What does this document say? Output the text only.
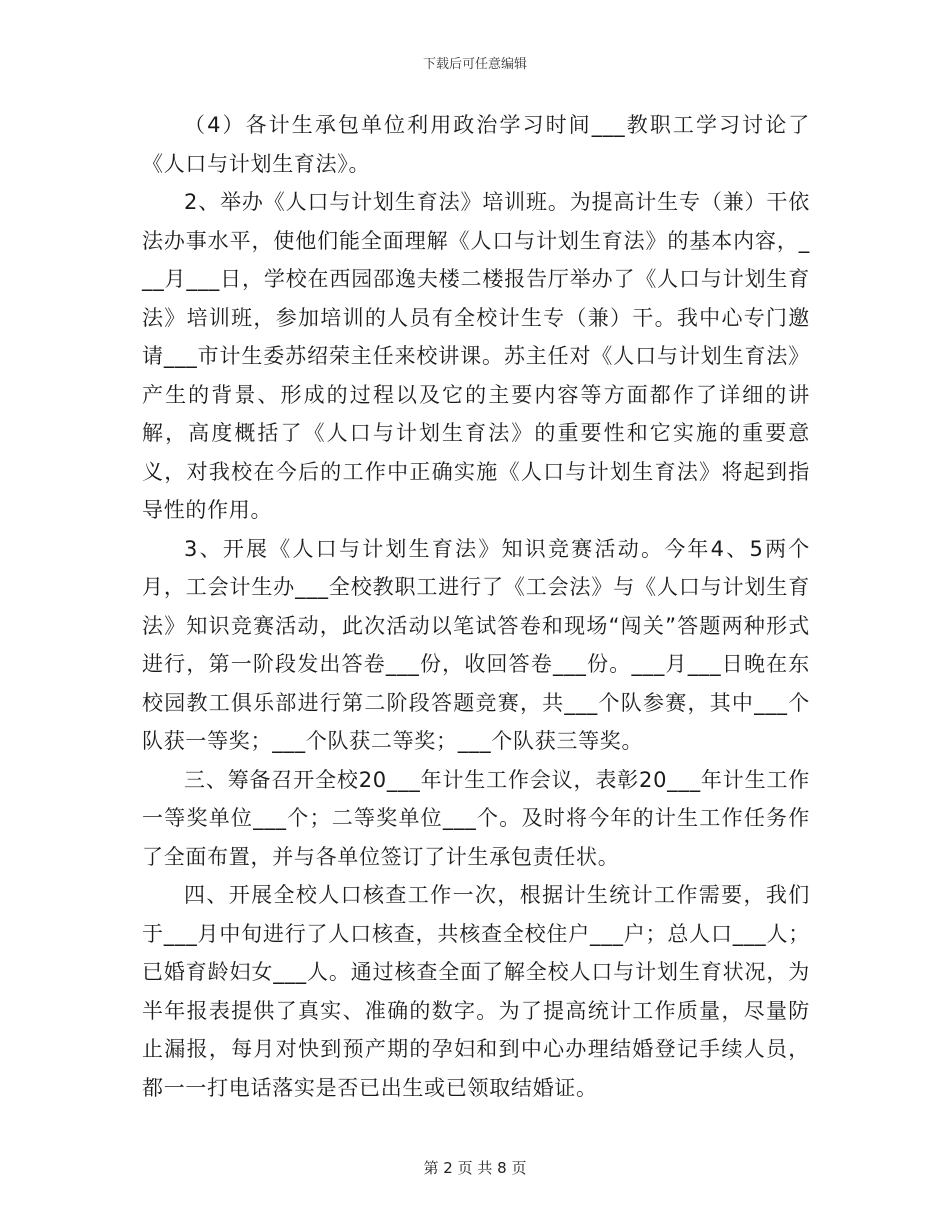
下载后可任意编辑

（4）各计生承包单位利用政治学习时间___教职工学习讨论了《人口与计划生育法》。

2、举办《人口与计划生育法》培训班。为提高计生专（兼）干依法办事水平，使他们能全面理解《人口与计划生育法》的基本内容，___月___日，学校在西园邵逸夫楼二楼报告厅举办了《人口与计划生育法》培训班，参加培训的人员有全校计生专（兼）干。我中心专门邀请___市计生委苏绍荣主任来校讲课。苏主任对《人口与计划生育法》产生的背景、形成的过程以及它的主要内容等方面都作了详细的讲解，高度概括了《人口与计划生育法》的重要性和它实施的重要意义，对我校在今后的工作中正确实施《人口与计划生育法》将起到指导性的作用。

3、开展《人口与计划生育法》知识竞赛活动。今年4、5两个月，工会计生办___全校教职工进行了《工会法》与《人口与计划生育法》知识竞赛活动，此次活动以笔试答卷和现场“闯关”答题两种形式进行，第一阶段发出答卷___份，收回答卷___份。___月___日晚在东校园教工俱乐部进行第二阶段答题竞赛，共___个队参赛，其中___个队获一等奖；___个队获二等奖；___个队获三等奖。

三、筹备召开全校20___年计生工作会议，表彰20___年计生工作一等奖单位___个；二等奖单位___个。及时将今年的计生工作任务作了全面布置，并与各单位签订了计生承包责任状。

四、开展全校人口核查工作一次，根据计生统计工作需要，我们于___月中旬进行了人口核查，共核查全校住户___户；总人口___人；已婚育龄妇女___人。通过核查全面了解全校人口与计划生育状况，为半年报表提供了真实、准确的数字。为了提高统计工作质量，尽量防止漏报，每月对快到预产期的孕妇和到中心办理结婚登记手续人员，都一一打电话落实是否已出生或已领取结婚证。

第 2 页 共 8 页
